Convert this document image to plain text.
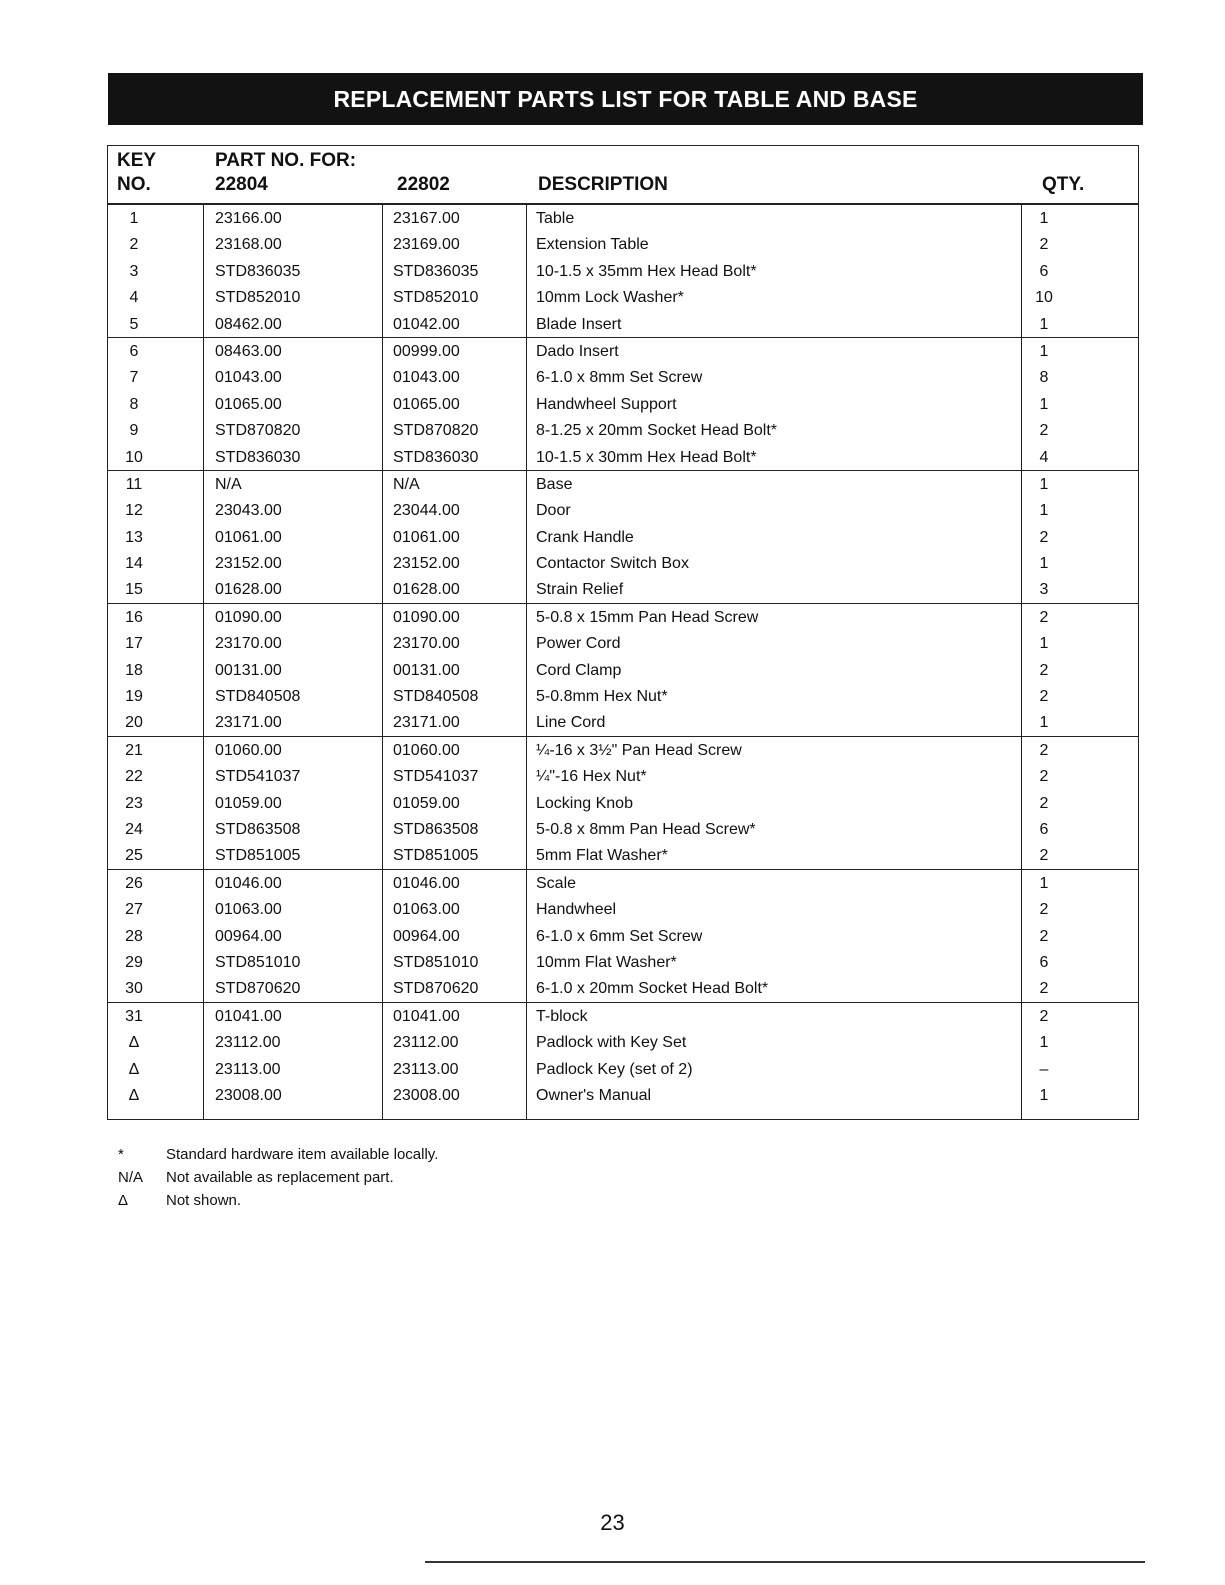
REPLACEMENT PARTS LIST FOR TABLE AND BASE
KEY
NO.
PART NO. FOR:
22804	22802	DESCRIPTION	QTY.
1	23166.00	23167.00	Table	1
2	23168.00	23169.00	Extension Table	2
3	STD836035	STD836035	10-1.5 x 35mm Hex Head Bolt*	6
4	STD852010	STD852010	10mm Lock Washer*	10
5	08462.00	01042.00	Blade Insert	1
6	08463.00	00999.00	Dado Insert	1
7	01043.00	01043.00	6-1.0 x 8mm Set Screw	8
8	01065.00	01065.00	Handwheel Support	1
9	STD870820	STD870820	8-1.25 x 20mm Socket Head Bolt*	2
10	STD836030	STD836030	10-1.5 x 30mm Hex Head Bolt*	4
11	N/A	N/A	Base	1
12	23043.00	23044.00	Door	1
13	01061.00	01061.00	Crank Handle	2
14	23152.00	23152.00	Contactor Switch Box	1
15	01628.00	01628.00	Strain Relief	3
16	01090.00	01090.00	5-0.8 x 15mm Pan Head Screw	2
17	23170.00	23170.00	Power Cord	1
18	00131.00	00131.00	Cord Clamp	2
19	STD840508	STD840508	5-0.8mm Hex Nut*	2
20	23171.00	23171.00	Line Cord	1
21	01060.00	01060.00	¼-16 x 3½" Pan Head Screw	2
22	STD541037	STD541037	¼"-16 Hex Nut*	2
23	01059.00	01059.00	Locking Knob	2
24	STD863508	STD863508	5-0.8 x 8mm Pan Head Screw*	6
25	STD851005	STD851005	5mm Flat Washer*	2
26	01046.00	01046.00	Scale	1
27	01063.00	01063.00	Handwheel	2
28	00964.00	00964.00	6-1.0 x 6mm Set Screw	2
29	STD851010	STD851010	10mm Flat Washer*	6
30	STD870620	STD870620	6-1.0 x 20mm Socket Head Bolt*	2
31	01041.00	01041.00	T-block	2
Δ	23112.00	23112.00	Padlock with Key Set	1
Δ	23113.00	23113.00	Padlock Key (set of 2)	–
Δ	23008.00	23008.00	Owner's Manual	1
*	Standard hardware item available locally.
N/A	Not available as replacement part.
Δ	Not shown.
23
